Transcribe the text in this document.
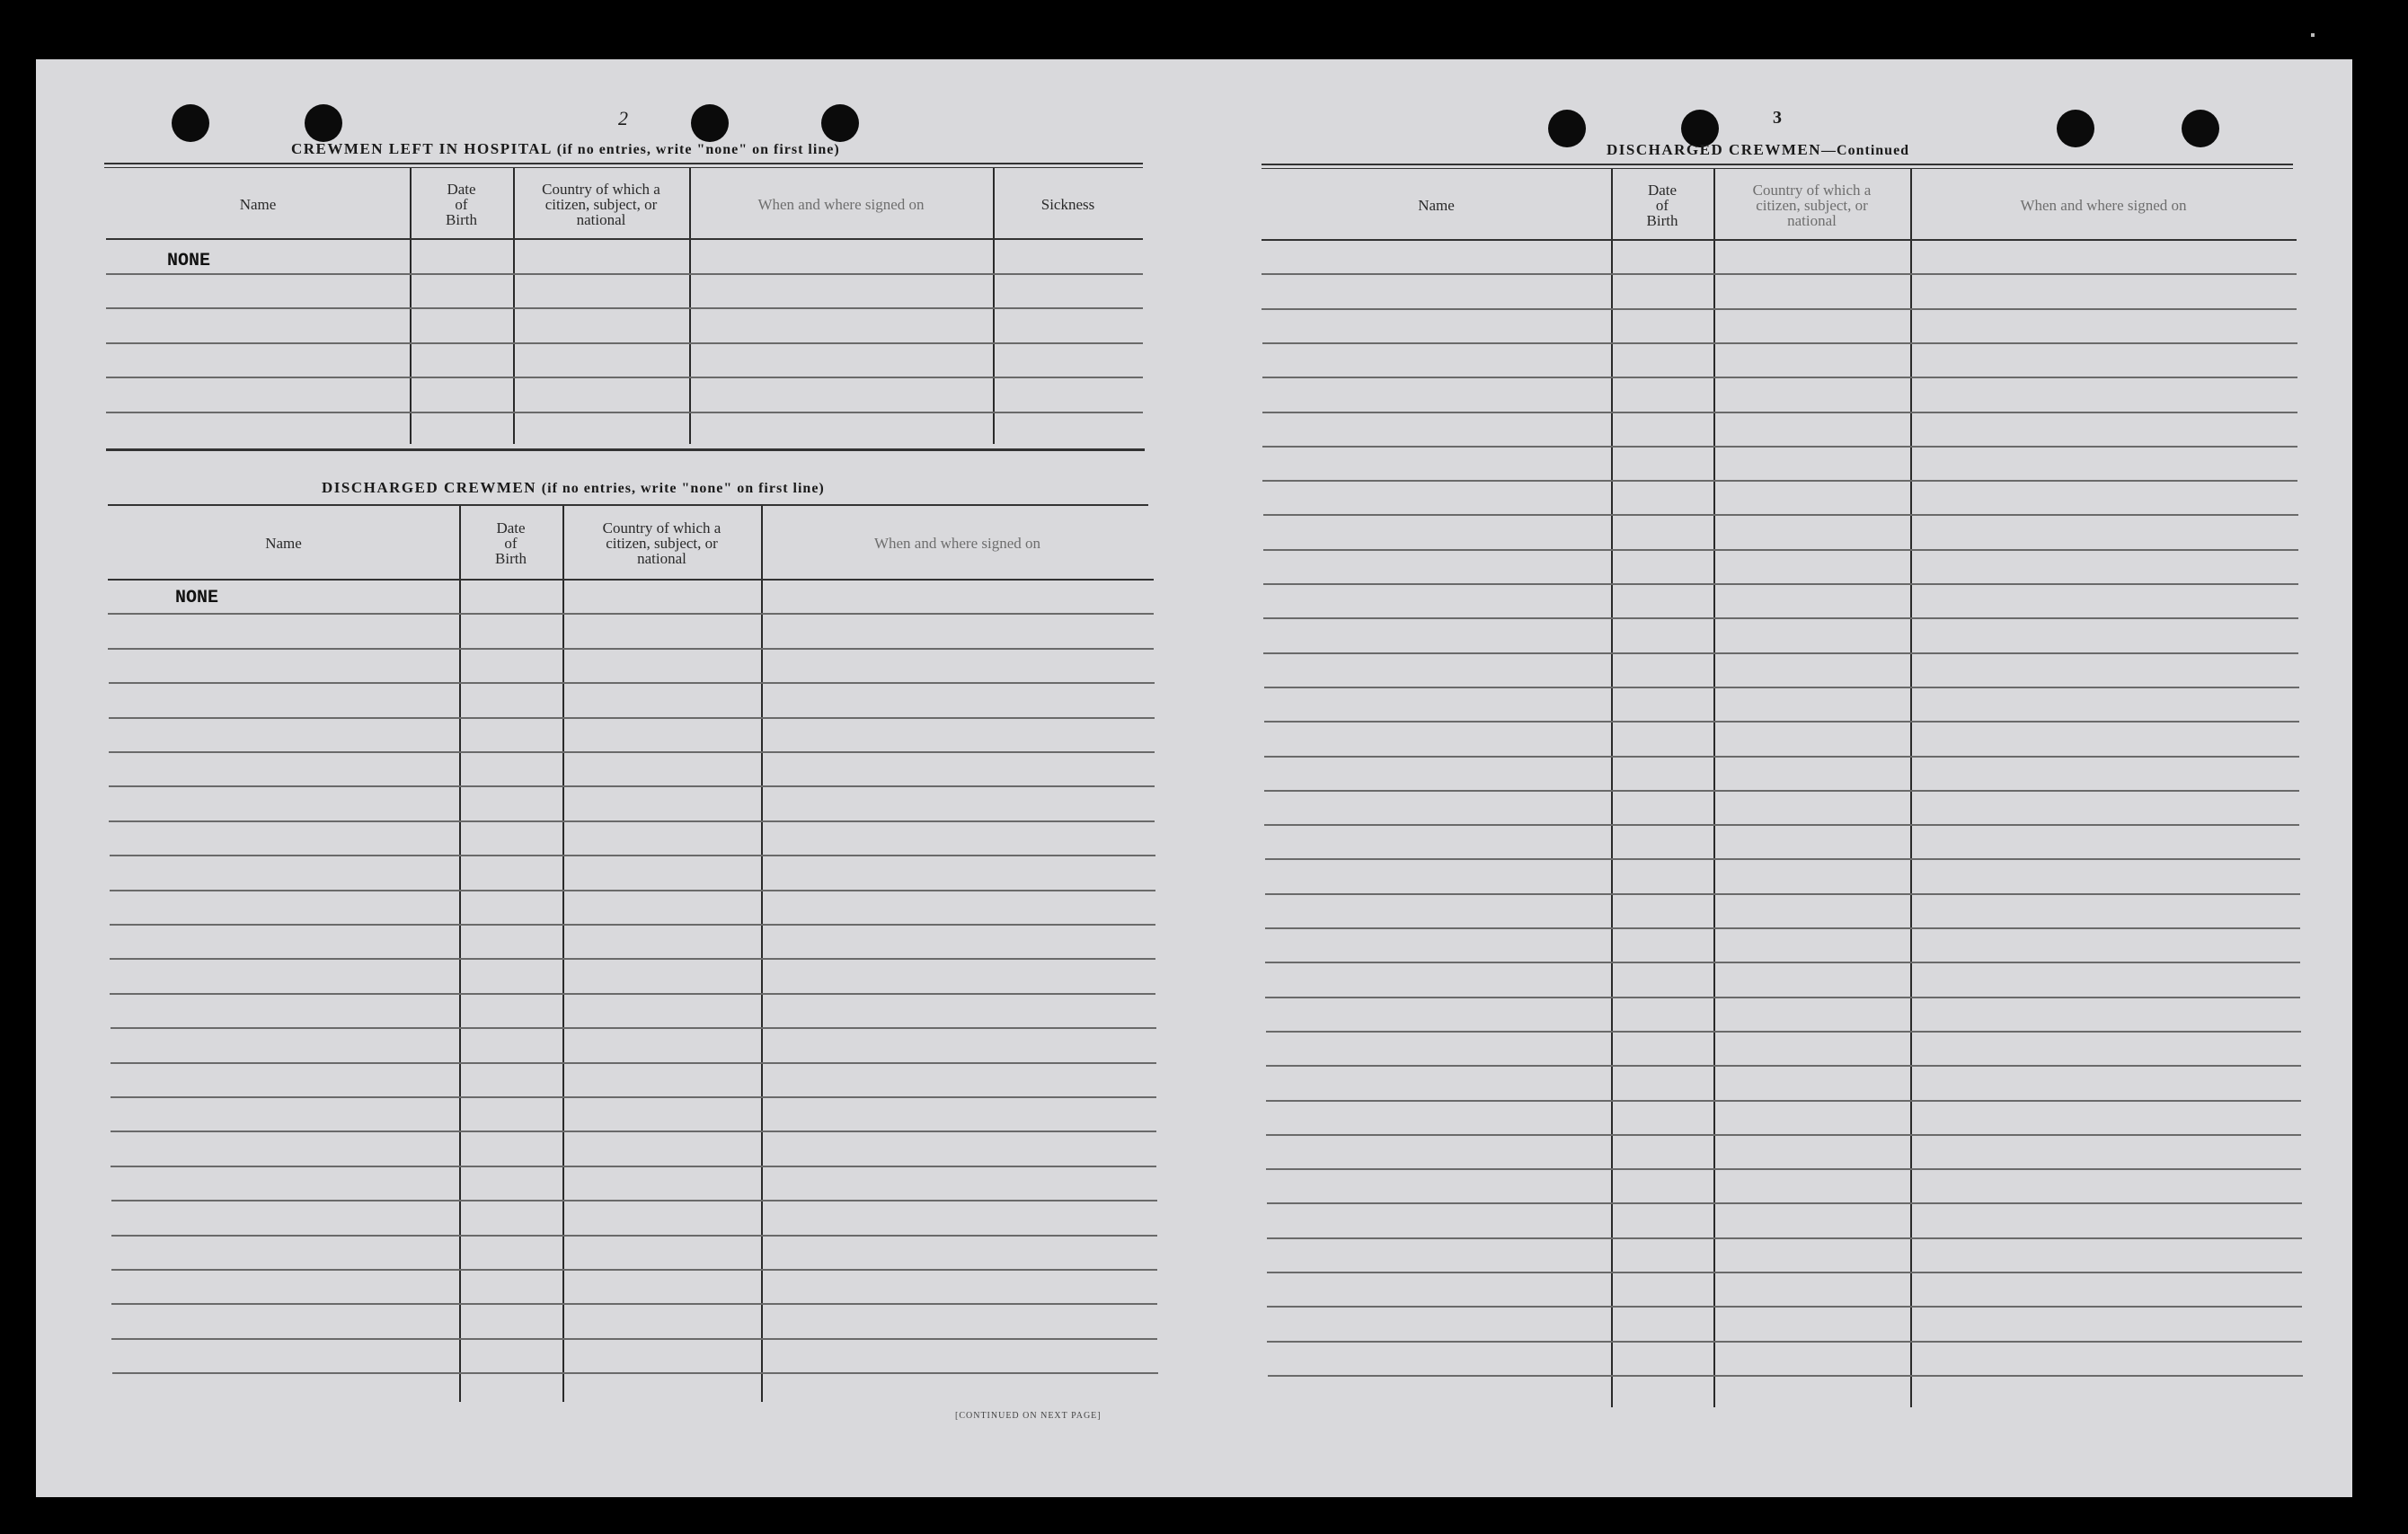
2
CREWMEN LEFT IN HOSPITAL (if no entries, write "none" on first line)
Name
Date
of
Birth
Country of which a
citizen, subject, or
national
When and where signed on	Sickness
NONE
DISCHARGED CREWMEN (if no entries, write "none" on first line)
Name
Date
of
Birth
Country of which a
citizen, subject, or
national
When and where signed on
NONE
[CONTINUED ON NEXT PAGE]
3
DISCHARGED CREWMEN—Continued
Name
Date
of
Birth
Country of which a
citizen, subject, or
national
When and where signed on
